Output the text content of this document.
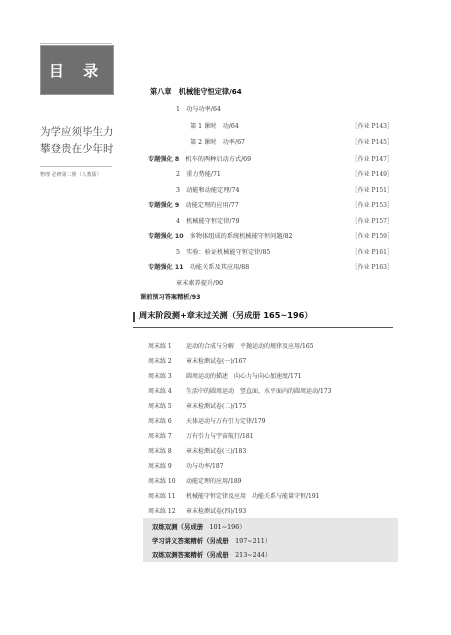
目 录
为学应须毕生力 攀登贵在少年时
物理 必修第二册（人教版）
第八章　机械能守恒定律/64
1　功与功率/64
第 1 课时　功/64	［作业 P143］
第 2 课时　功率/67	［作业 P145］
专题强化 8　机车的两种启动方式/69	［作业 P147］
2　重力势能/71	［作业 P149］
3　动能和动能定理/74	［作业 P151］
专题强化 9　动能定理的应用/77	［作业 P153］
4　机械能守恒定律/79	［作业 P157］
专题强化 10　多物体组成的系统机械能守恒问题/82	［作业 P159］
5　实验：验证机械能守恒定律/85	［作业 P161］
专题强化 11　功能关系及其应用/88	［作业 P163］
章末素养提升/90
课前预习答案精析/93
周末阶段测+章末过关测（另成册 165~196）
周末练 1 运动的合成与分解　平抛运动的规律及应用/165
周末练 2 章末检测试卷(一)/167
周末练 3 圆周运动的描述　向心力与向心加速度/171
周末练 4 生活中的圆周运动　竖直面、水平面内的圆周运动/173
周末练 5 章末检测试卷(二)/175
周末练 6 天体运动与万有引力定律/179
周末练 7 万有引力与宇宙航行/181
周末练 8 章末检测试卷(三)/183
周末练 9 功与功率/187
周末练 10 动能定理的应用/189
周末练 11 机械能守恒定律及应用　功能关系与能量守恒/191
周末练 12 章末检测试卷(四)/193
双练双测（另成册　 101~196）
学习讲义答案精析（另成册　 197~211）
双练双测答案精析（另成册　 213~244）
